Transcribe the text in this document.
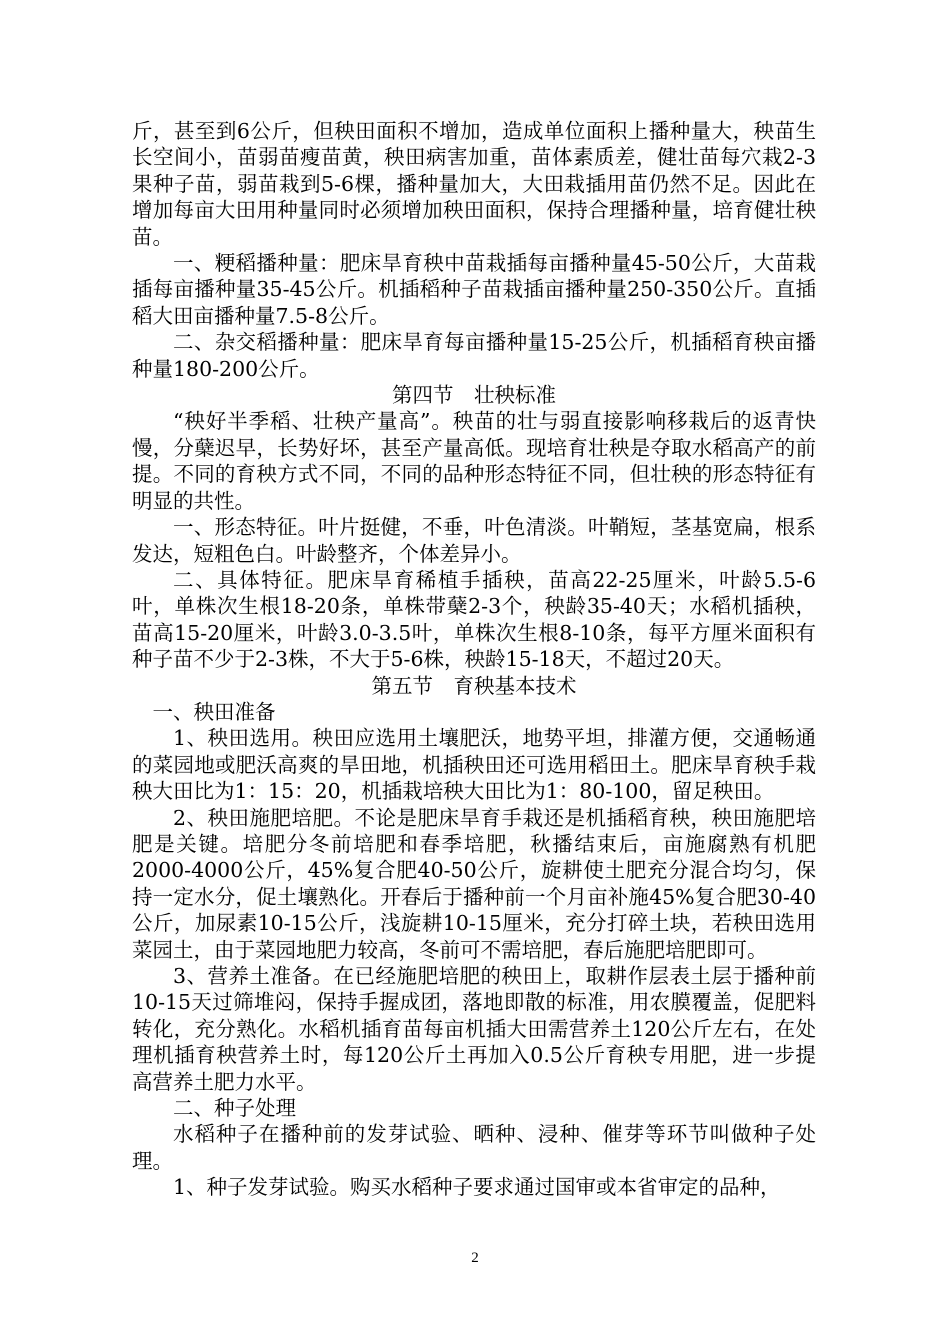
斤，甚至到6公斤，但秧田面积不增加，造成单位面积上播种量大，秧苗生长空间小，苗弱苗瘦苗黄，秧田病害加重，苗体素质差，健壮苗每穴栽2-3果种子苗，弱苗栽到5-6棵，播种量加大，大田栽插用苗仍然不足。因此在增加每亩大田用种量同时必须增加秧田面积，保持合理播种量，培育健壮秧苗。

一、粳稻播种量：肥床旱育秧中苗栽插每亩播种量45-50公斤，大苗栽插每亩播种量35-45公斤。机插稻种子苗栽插亩播种量250-350公斤。直插稻大田亩播种量7.5-8公斤。

二、杂交稻播种量：肥床旱育每亩播种量15-25公斤，机插稻育秧亩播种量180-200公斤。

第四节　壮秧标准

“秧好半季稻、壮秧产量高”。秧苗的壮与弱直接影响移栽后的返青快慢，分蘖迟早，长势好坏，甚至产量高低。现培育壮秧是夺取水稻高产的前提。不同的育秧方式不同，不同的品种形态特征不同，但壮秧的形态特征有明显的共性。

一、形态特征。叶片挺健，不垂，叶色清淡。叶鞘短，茎基宽扁，根系发达，短粗色白。叶龄整齐，个体差异小。

二、具体特征。肥床旱育稀植手插秧，苗高22-25厘米，叶龄5.5-6叶，单株次生根18-20条，单株带蘖2-3个，秧龄35-40天；水稻机插秧，苗高15-20厘米，叶龄3.0-3.5叶，单株次生根8-10条，每平方厘米面积有种子苗不少于2-3株，不大于5-6株，秧龄15-18天，不超过20天。

第五节　育秧基本技术

　一、秧田准备

1、秧田选用。秧田应选用土壤肥沃，地势平坦，排灌方便，交通畅通的菜园地或肥沃高爽的旱田地，机插秧田还可选用稻田土。肥床旱育秧手栽秧大田比为1：15：20，机插栽培秧大田比为1：80-100，留足秧田。

2、秧田施肥培肥。不论是肥床旱育手栽还是机插稻育秧，秧田施肥培肥是关键。培肥分冬前培肥和春季培肥，秋播结束后，亩施腐熟有机肥2000-4000公斤，45%复合肥40-50公斤，旋耕使土肥充分混合均匀，保持一定水分，促土壤熟化。开春后于播种前一个月亩补施45%复合肥30-40公斤，加尿素10-15公斤，浅旋耕10-15厘米，充分打碎土块，若秧田选用菜园土，由于菜园地肥力较高，冬前可不需培肥，春后施肥培肥即可。

3、营养土准备。在已经施肥培肥的秧田上，取耕作层表土层于播种前10-15天过筛堆闷，保持手握成团，落地即散的标准，用农膜覆盖，促肥料转化，充分熟化。水稻机插育苗每亩机插大田需营养土120公斤左右，在处理机插育秧营养土时，每120公斤土再加入0.5公斤育秧专用肥，进一步提高营养土肥力水平。

二、种子处理

水稻种子在播种前的发芽试验、晒种、浸种、催芽等环节叫做种子处理。

1、种子发芽试验。购买水稻种子要求通过国审或本省审定的品种，

2
